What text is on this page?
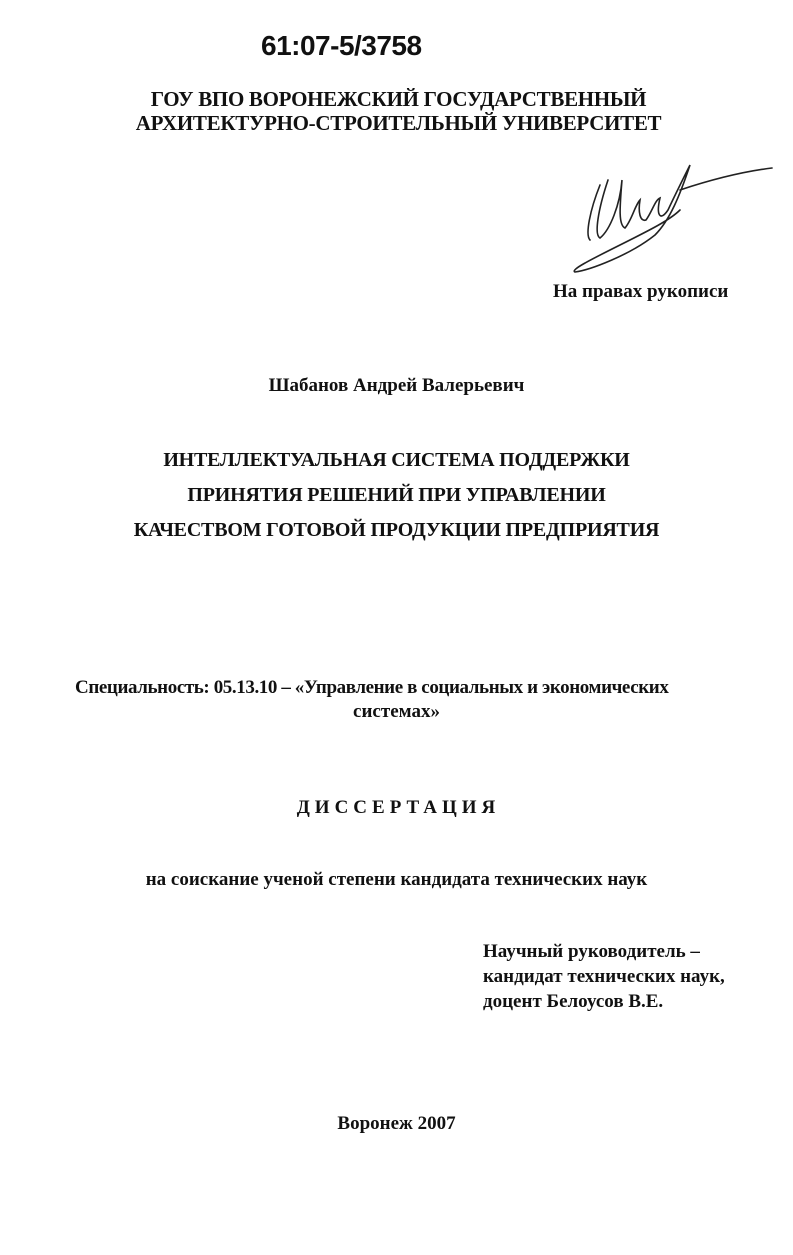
61:07-5/3758
ГОУ ВПО ВОРОНЕЖСКИЙ ГОСУДАРСТВЕННЫЙ
АРХИТЕКТУРНО-СТРОИТЕЛЬНЫЙ УНИВЕРСИТЕТ
На правах рукописи
Шабанов Андрей Валерьевич
ИНТЕЛЛЕКТУАЛЬНАЯ СИСТЕМА ПОДДЕРЖКИ
ПРИНЯТИЯ РЕШЕНИЙ ПРИ УПРАВЛЕНИИ
КАЧЕСТВОМ ГОТОВОЙ ПРОДУКЦИИ ПРЕДПРИЯТИЯ
Специальность: 05.13.10 – «Управление в социальных и экономических
системах»
ДИССЕРТАЦИЯ
на соискание ученой степени кандидата технических наук
Научный руководитель –
кандидат технических наук,
доцент Белоусов В.Е.
Воронеж 2007
